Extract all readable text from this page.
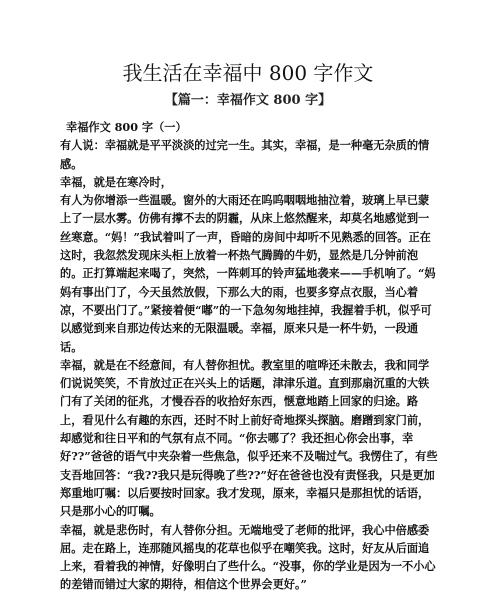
我生活在幸福中 800 字作文
【篇一：幸福作文 800 字】
幸福作文 800 字（一）

有人说：幸福就是平平淡淡的过完一生。其实，幸福，是一种毫无杂质的情感。

幸福，就是在寒冷时，

有人为你增添一些温暖。窗外的大雨还在呜呜咽咽地抽泣着，玻璃上早已蒙上了一层水雾。仿佛有撑不去的阴霾，从床上悠然醒来，却莫名地感觉到一丝寒意。“妈！”我试着叫了一声，昏暗的房间中却听不见熟悉的回答。正在这时，我忽然发现床头柜上放着一杯热气腾腾的牛奶，显然是几分钟前泡的。正打算端起来喝了，突然，一阵刺耳的铃声猛地袭来——手机响了。“妈妈有事出门了，今天虽然放假，下那么大的雨，也要多穿点衣服，当心着凉，不要出门了。”紧接着便“嘟”的一下急匆匆地挂掉，我握着手机，似乎可以感觉到来自那边传达来的无限温暖。幸福，原来只是一杯牛奶，一段通话。

幸福，就是在不经意间，有人替你担忧。教室里的喧哗还未散去，我和同学们说说笑笑，不肯放过正在兴头上的话题，津津乐道。直到那扇沉重的大铁门有了关闭的征兆，才慢吞吞的收拾好东西，惬意地踏上回家的归途。路上，看见什么有趣的东西，还时不时上前好奇地探头探脑。磨蹭到家门前，却感觉和往日平和的气氛有点不同。“你去哪了？我还担心你会出事，幸好??”爸爸的语气中夹杂着一些焦急，似乎还来不及喘过气。我愣住了，有些支吾地回答：“我??我只是玩得晚了些??”好在爸爸也没有责怪我，只是更加郑重地叮嘱：以后要按时回家。我才发现，原来，幸福只是那担忧的话语，只是那小心的叮嘱。

幸福，就是悲伤时，有人替你分担。无端地受了老师的批评，我心中倍感委屈。走在路上，连那随风摇曳的花草也似乎在嘲笑我。这时，好友从后面追上来，看着我的神情，好像明白了些什么。“没事，你的学业是因为一不小心的差错而错过大家的期待，相信这个世界会更好。”
